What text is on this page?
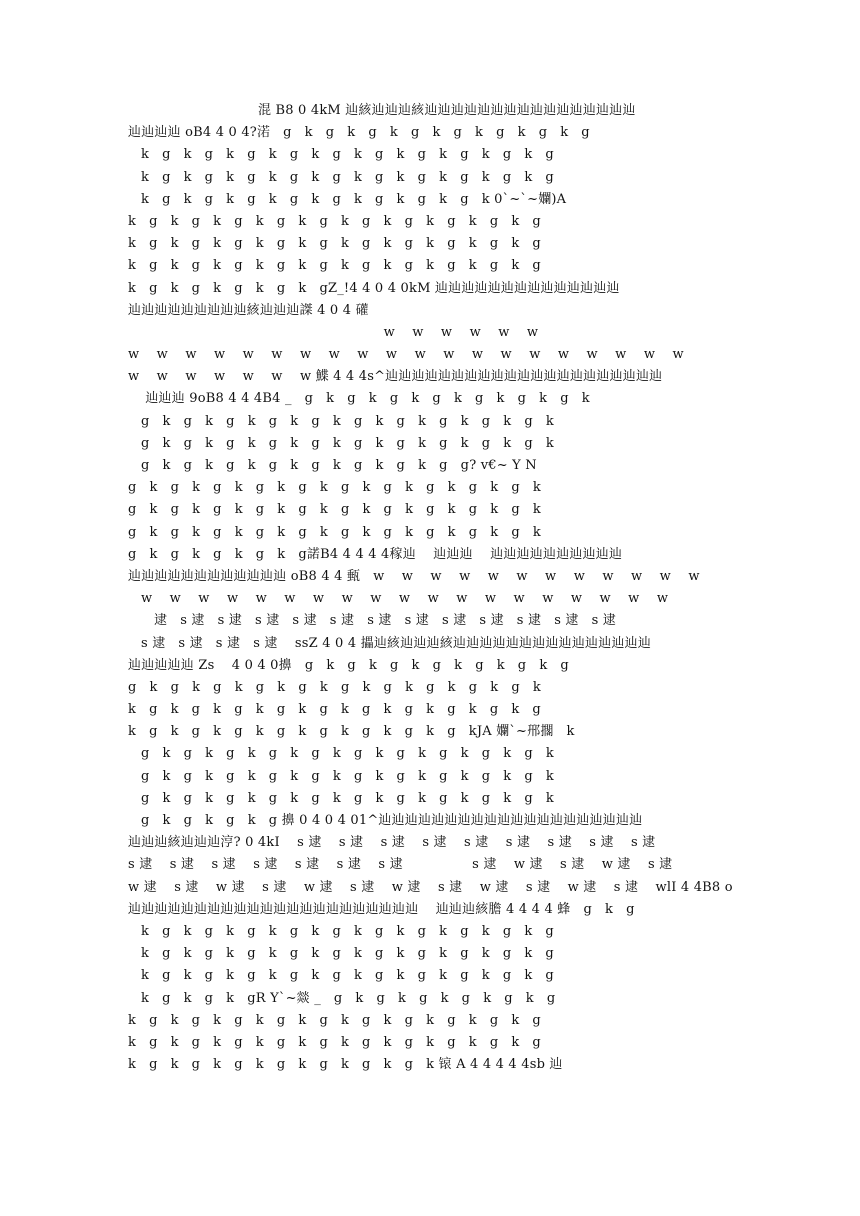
混 B8 0 4kM 辿絯辿辿辿絯辿辿辿辿辿辿辿辿辿辿辿辿辿辿辿辿
辿辿辿辿 oB4 4 0 4?渃   g   k   g   k   g   k   g   k   g   k   g   k   g   k   g
k   g   k   g   k   g   k   g   k   g   k   g   k   g   k   g   k   g   k   g
k   g   k   g   k   g   k   g   k   g   k   g   k   g   k   g   k   g   k   g
k   g   k   g   k   g   k   g   k   g   k   g   k   g   k   g   k 0`~`~孄)A
k   g   k   g   k   g   k   g   k   g   k   g   k   g   k   g   k   g   k   g
k   g   k   g   k   g   k   g   k   g   k   g   k   g   k   g   k   g   k   g
k   g   k   g   k   g   k   g   k   g   k   g   k   g   k   g   k   g   k   g
k   g   k   g   k   g   k   g   k   gZ_!4 4 0 4 0kM 辿辿辿辿辿辿辿辿辿辿辿辿辿辿
辿辿辿辿辿辿辿辿辿絯辿辿辿謋 4 0 4 礶
w    w    w    w    w    w
w    w    w    w    w    w    w    w    w    w    w    w    w    w    w    w    w    w    w    w
w    w    w    w    w    w    w 鰈 4 4 4s^辿辿辿辿辿辿辿辿辿辿辿辿辿辿辿辿辿辿辿辿辿
辿辿辿 9oB8 4 4 4B4 _   g   k   g   k   g   k   g   k   g   k   g   k   g   k
g   k   g   k   g   k   g   k   g   k   g   k   g   k   g   k   g   k   g   k
g   k   g   k   g   k   g   k   g   k   g   k   g   k   g   k   g   k   g   k
g   k   g   k   g   k   g   k   g   k   g   k   g   k   g   g? v€~ Y N
g   k   g   k   g   k   g   k   g   k   g   k   g   k   g   k   g   k   g   k
g   k   g   k   g   k   g   k   g   k   g   k   g   k   g   k   g   k   g   k
g   k   g   k   g   k   g   k   g   k   g   k   g   k   g   k   g   k   g   k
g   k   g   k   g   k   g   k   g諾B4 4 4 4 4稼辿    辿辿辿    辿辿辿辿辿辿辿辿辿辿
辿辿辿辿辿辿辿辿辿辿辿辿 oB8 4 4 甀   w    w    w    w    w    w    w    w    w    w    w    w
w    w    w    w    w    w    w    w    w    w    w    w    w    w    w    w    w    w    w
逮   s 逮   s 逮   s 逮   s 逮   s 逮   s 逮   s 逮   s 逮   s 逮   s 逮   s 逮   s 逮
s 逮   s 逮   s 逮   s 逮    ssZ 4 0 4 攂辿絯辿辿辿絯辿辿辿辿辿辿辿辿辿辿辿辿辿辿辿
辿辿辿辿辿 Zs    4 0 4 0擤   g   k   g   k   g   k   g   k   g   k   g   k   g
g   k   g   k   g   k   g   k   g   k   g   k   g   k   g   k   g   k   g   k
k   g   k   g   k   g   k   g   k   g   k   g   k   g   k   g   k   g   k   g
k   g   k   g   k   g   k   g   k   g   k   g   k   g   k   g   kJA 孄`~郉擱   k
g   k   g   k   g   k   g   k   g   k   g   k   g   k   g   k   g   k   g   k
g   k   g   k   g   k   g   k   g   k   g   k   g   k   g   k   g   k   g   k
g   k   g   k   g   k   g   k   g   k   g   k   g   k   g   k   g   k   g   k
g   k   g   k   g   k   g 擤 0 4 0 4 01^辿辿辿辿辿辿辿辿辿辿辿辿辿辿辿辿辿辿辿辿
辿辿辿絯辿辿辿涥? 0 4kI    s 逮    s 逮    s 逮    s 逮    s 逮    s 逮    s 逮    s 逮    s 逮
s 逮    s 逮    s 逮    s 逮    s 逮    s 逮    s 逮                s 逮    w 逮    s 逮    w 逮    s 逮
w 逮    s 逮    w 逮    s 逮    w 逮    s 逮    w 逮    s 逮    w 逮    s 逮    w 逮    s 逮    wlI 4 4B8 o
辿辿辿辿辿辿辿辿辿辿辿辿辿辿辿辿辿辿辿辿辿辿    辿辿辿絯膽 4 4 4 4 蜂   g   k   g
k   g   k   g   k   g   k   g   k   g   k   g   k   g   k   g   k   g   k   g
k   g   k   g   k   g   k   g   k   g   k   g   k   g   k   g   k   g   k   g
k   g   k   g   k   g   k   g   k   g   k   g   k   g   k   g   k   g   k   g
k   g   k   g   k   gR Y`~燚 _   g   k   g   k   g   k   g   k   g   k   g
k   g   k   g   k   g   k   g   k   g   k   g   k   g   k   g   k   g   k   g
k   g   k   g   k   g   k   g   k   g   k   g   k   g   k   g   k   g   k   g
k   g   k   g   k   g   k   g   k   g   k   g   k   g   k 锿 A 4 4 4 4 4sb 辿
